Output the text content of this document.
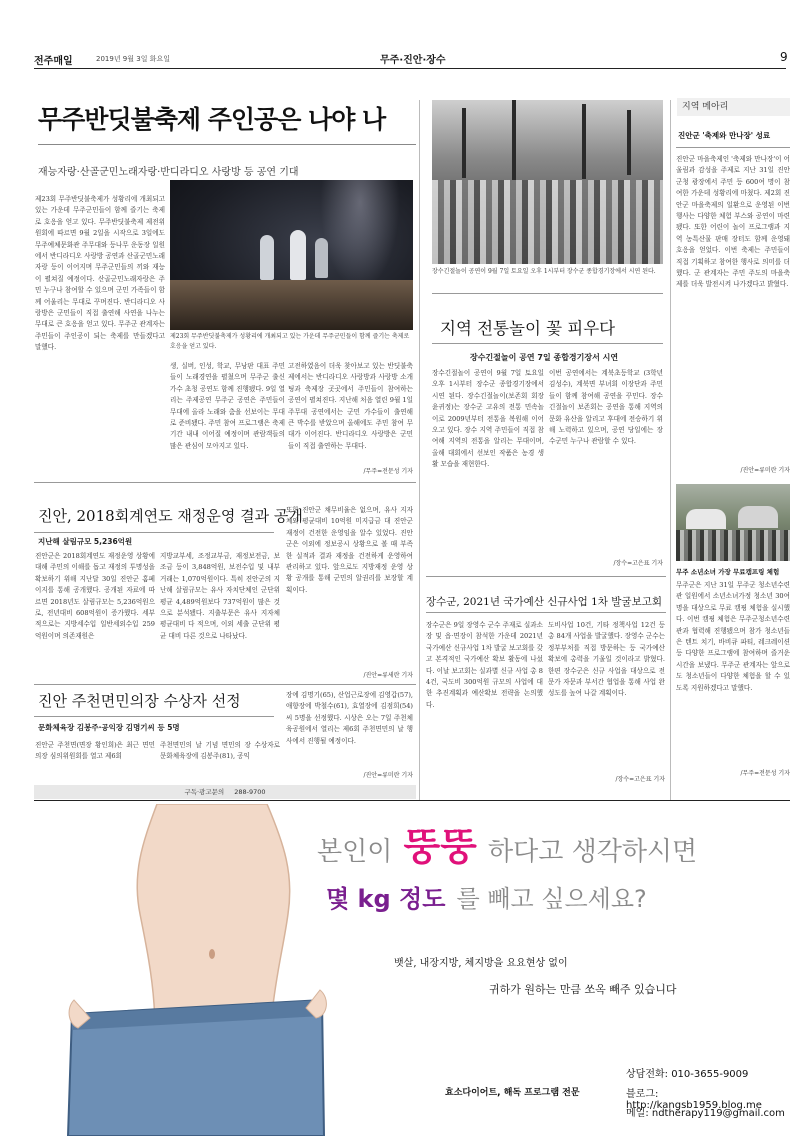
전주매일	2019년 9월 3일 화요일	무주·진안·장수	9
무주반딧불축제 주인공은 나야 나
재능자랑·산골군민노래자랑·반디라디오 사랑방 등 공연 기대
제23회 무주반딧불축제가 성황리에 개최되고 있는 가운데 무주군민들이 함께 즐기는 축제로 호응을 얻고 있다. 무주반딧불축제 제전위원회에 따르면 9월 2일을 시작으로 3일에도 무주예체문화관 주무대와 등나무 운동장 일원에서 반디라디오 사랑방 공연과 산골군민노래자랑 등이 이어지며 무주군민들의 끼와 재능이 펼쳐질 예정이다. 산골군민노래자랑은 주민 누구나 참여할 수 있으며 군민 가족들이 함께 어울리는 무대로 꾸며진다. 반디라디오 사랑방은 군민들이 직접 출연해 사연을 나누는 무대로 큰 호응을 얻고 있다. 무주군 관계자는 주민들이 주인공이 되는 축제를 만들겠다고 말했다.
제23회 무주반딧불축제가 성황리에 개최되고 있는 가운데 무주군민들이 함께 즐기는 축제로 호응을 얻고 있다.
생, 실버, 인성, 학교, 무낭판 대표 주민들이 노래경연을 펼쳤으며 무주군 출신 가수 초청 공연도 함께 진행됐다. 9일 열리는 주제공연 무주군 공연은 주민들이 무대에 올라 노래와 춤을 선보이는 무대로 준비됐다. 주민 참여 프로그램은 축제 기간 내내 이어질 예정이며 관람객들의 많은 관심이 모아지고 있다.
고전하였음이 더욱 찾아보고 있는 반딧불축제에서는 반디라디오 사랑방과 사랑방 소개팅과 축제장 곳곳에서 주민들이 참여하는 공연이 펼쳐진다. 지난해 처음 열린 9월 1일 주무대 공연에서는 군민 가수들이 출연해 큰 박수를 받았으며 올해에도 주민 참여 무대가 이어진다. 반디라디오 사랑방은 군민들이 직접 출연하는 무대다.
/무주=전문성 기자
진안, 2018회계연도 재정운영 결과 공개
지난해 살림규모 5,236억원
진안군은 2018회계연도 재정운영 상황에 대해 주민의 이해를 돕고 재정의 투명성을 확보하기 위해 지난달 30일 진안군 홈페이지를 통해 공개했다. 공개된 자료에 따르면 2018년도 살림규모는 5,236억원으로, 전년대비 608억원이 증가했다. 세부적으로는 지방세수입 일반세외수입 259억원이며 의존재원은
지방교부세, 조정교부금, 재정보전금, 보조금 등이 3,848억원, 보전수입 및 내부거래는 1,070억원이다. 특히 진안군의 지난해 살림규모는 유사 자치단체인 군단위 평균 4,489억원보다 737억원이 많은 것으로 분석됐다. 지출부문은 유사 지자체 평균대비 다 적으며, 이외 세출 군단위 평균 대비 다른 것으로 나타났다.
또한 진안군 채무비율은 없으며, 유사 지자체와 평균대비 10억원 미지급금 대 진안군 재정이 건전한 운영임을 알수 있었다. 진안군은 이외에 정보공시 상황으로 볼 때 부족한 실적과 결과 재정을 건전하게 운영하여 관리하고 있다. 앞으로도 지방재정 운영 상황 공개를 통해 군민의 알권리를 보장할 계획이다.
/진안=류세란 기자
진안 주천면민의장 수상자 선정
문화체육장 김봉주·공익장 김명기씨 등 5명
진안군 주천면(면장 황인희)은 최근 면민의장 심의위원회를 열고 제6회
주천면민의 날 기념 면민의 장 수상자로 문화체육장에 김봉주(81), 공익
장에 김명기(65), 산업근로장에 김영갑(57), 애향장에 박철수(61), 효열장에 김점희(54)씨 5명을 선정했다. 시상은 오는 7일 주천체육공원에서 열리는 제6회 주천면민의 날 행사에서 진행될 예정이다.
/진안=류미란 기자
구독·광고문의 288-9700
장수긴절놀이 공연이 9월 7일 토요일 오후 1시부터 장수군 종합경기장에서 시연 된다.
지역 전통놀이 꽃 피우다
장수긴절놀이 공연 7일 종합경기장서 시연
장수긴절놀이 공연이 9월 7일 토요일 오후 1시부터 장수군 종합경기장에서 시연 된다. 장수긴절놀이(보존회 회장 윤귀정)는 장수군 고유의 전통 민속놀이로 2009년부터 전통을 복원해 이어오고 있다. 장수 지역 주민들이 직접 참여해 지역의 전통을 알리는 무대이며, 올해 대회에서 선보인 작품은 농경 생활 모습을 재현한다.
이번 공연에서는 계북초등학교 (3학년 김성수), 계북면 부녀회 이장단과 주민들이 함께 참여해 공연을 꾸민다. 장수긴절놀이 보존회는 공연을 통해 지역의 문화 유산을 알리고 후대에 전승하기 위해 노력하고 있으며, 공연 당일에는 장수군민 누구나 관람할 수 있다.
/장수=고은표 기자
장수군, 2021년 국가예산 신규사업 1차 발굴보고회
장수군은 9일 장영수 군수 주재로 실과소장 및 읍·면장이 참석한 가운데 2021년 국가예산 신규사업 1차 발굴 보고회를 갖고 본격적인 국가예산 확보 활동에 나섰다. 이날 보고회는 실과별 신규 사업 총 84건, 국도비 300억원 규모의 사업에 대한 추진계획과 예산확보 전략을 논의했다.
도비사업 10건, 기타 정책사업 12건 등 총 84개 사업을 발굴했다. 장영수 군수는 정부부처를 직접 방문하는 등 국가예산 확보에 총력을 기울일 것이라고 밝혔다. 한편 장수군은 신규 사업을 대상으로 전문가 자문과 부서간 협업을 통해 사업 완성도를 높여 나갈 계획이다.
/장수=고은표 기자
지역 메아리
진안군 '축제와 만나장' 성료
진안군 마을축제인 '축제와 만나장'이 어울림과 감성을 주제로 지난 31일 진안군청 광장에서 주민 등 600여 명이 참여한 가운데 성황리에 마쳤다. 제2회 진안군 마을축제의 일환으로 운영된 이번 행사는 다양한 체험 부스와 공연이 마련됐다. 또한 어린이 놀이 프로그램과 지역 농특산물 판매 장터도 함께 운영돼 호응을 얻었다. 이번 축제는 주민들이 직접 기획하고 참여한 행사로 의미를 더했다. 군 관계자는 주민 주도의 마을축제를 더욱 발전시켜 나가겠다고 밝혔다.
/진안=류미란 기자
무주 소년소녀 가장 무료캠프링 체험
무주군은 지난 31일 무주군 청소년수련관 일원에서 소년소녀가정 청소년 30여 명을 대상으로 무료 캠핑 체험을 실시했다. 이번 캠핑 체험은 무주군청소년수련관과 협력해 진행됐으며 참가 청소년들은 텐트 치기, 바비큐 파티, 레크레이션 등 다양한 프로그램에 참여하며 즐거운 시간을 보냈다. 무주군 관계자는 앞으로도 청소년들이 다양한 체험을 할 수 있도록 지원하겠다고 말했다.
/무주=전문성 기자
본인이 뚱뚱 하다고 생각하시면
몇 kg 정도 를 빼고 싶으세요?
뱃살, 내장지방, 체지방을 요요현상 없이
귀하가 원하는 만큼 쏘옥 빼주 있습니다
효소다이어트, 해독 프로그램 전문
상담전화: 010-3655-9009
블로그: http://kangsb1959.blog.me
메일: ndtherapy119@gmail.com
